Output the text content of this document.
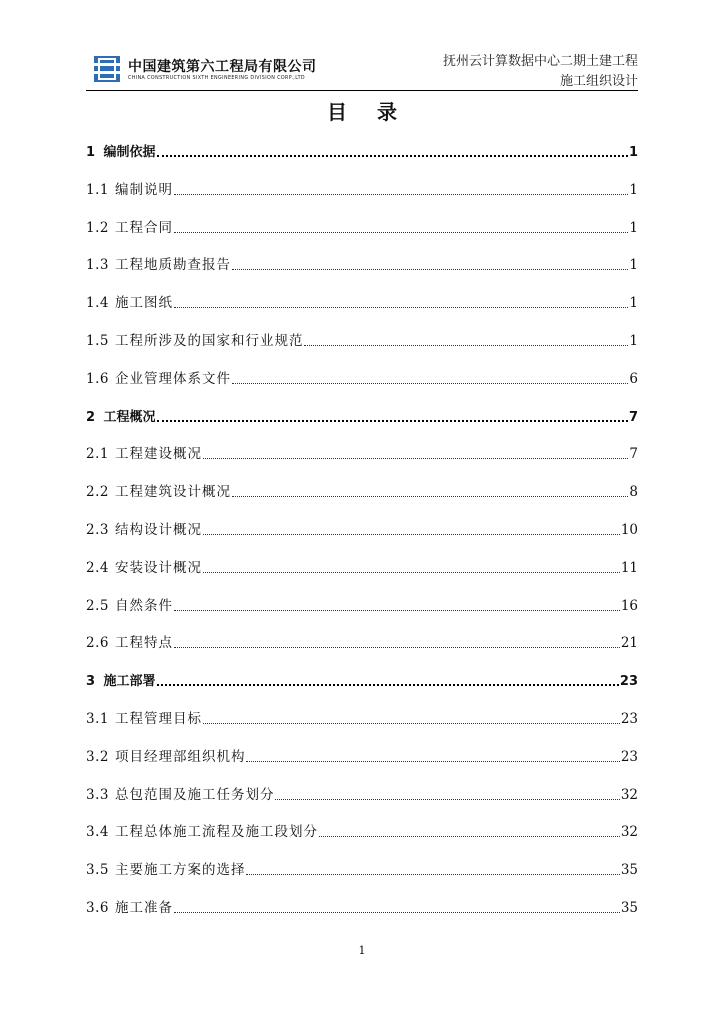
中国建筑第六工程局有限公司
CHINA CONSTRUCTION SIXTH ENGINEERING DIVISION CORP.,LTD
抚州云计算数据中心二期土建工程
施工组织设计
目录
1 编制依据	1
1.1 编制说明	1
1.2 工程合同	1
1.3 工程地质勘查报告	1
1.4 施工图纸	1
1.5 工程所涉及的国家和行业规范	1
1.6 企业管理体系文件	6
2 工程概况	7
2.1 工程建设概况	7
2.2 工程建筑设计概况	8
2.3 结构设计概况	10
2.4 安装设计概况	11
2.5 自然条件	16
2.6 工程特点	21
3 施工部署	23
3.1 工程管理目标	23
3.2 项目经理部组织机构	23
3.3 总包范围及施工任务划分	32
3.4 工程总体施工流程及施工段划分	32
3.5 主要施工方案的选择	35
3.6 施工准备	35
1
